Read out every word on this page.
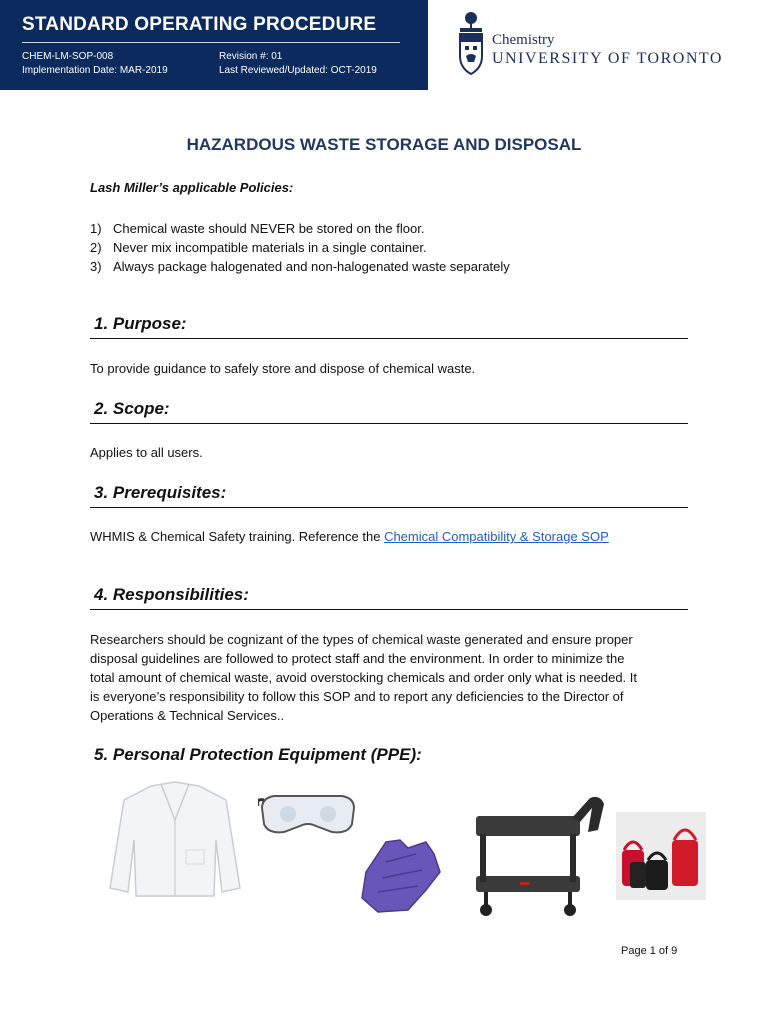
STANDARD OPERATING PROCEDURE
CHEM-LM-SOP-008
Implementation Date: MAR-2019
Revision #: 01
Last Reviewed/Updated: OCT-2019
Chemistry
UNIVERSITY OF TORONTO
HAZARDOUS WASTE STORAGE AND DISPOSAL
Lash Miller’s applicable Policies:
1) Chemical waste should NEVER be stored on the floor.
2) Never mix incompatible materials in a single container.
3) Always package halogenated and non-halogenated waste separately
1. Purpose:
To provide guidance to safely store and dispose of chemical waste.
2. Scope:
Applies to all users.
3. Prerequisites:
WHMIS & Chemical Safety training. Reference the Chemical Compatibility & Storage SOP
4. Responsibilities:
Researchers should be cognizant of the types of chemical waste generated and ensure proper
disposal guidelines are followed to protect staff and the environment. In order to minimize the
total amount of chemical waste, avoid overstocking chemicals and order only what is needed. It
is everyone’s responsibility to follow this SOP and to report any deficiencies to the Director of
Operations & Technical Services..
5. Personal Protection Equipment (PPE):
Page 1 of 9
